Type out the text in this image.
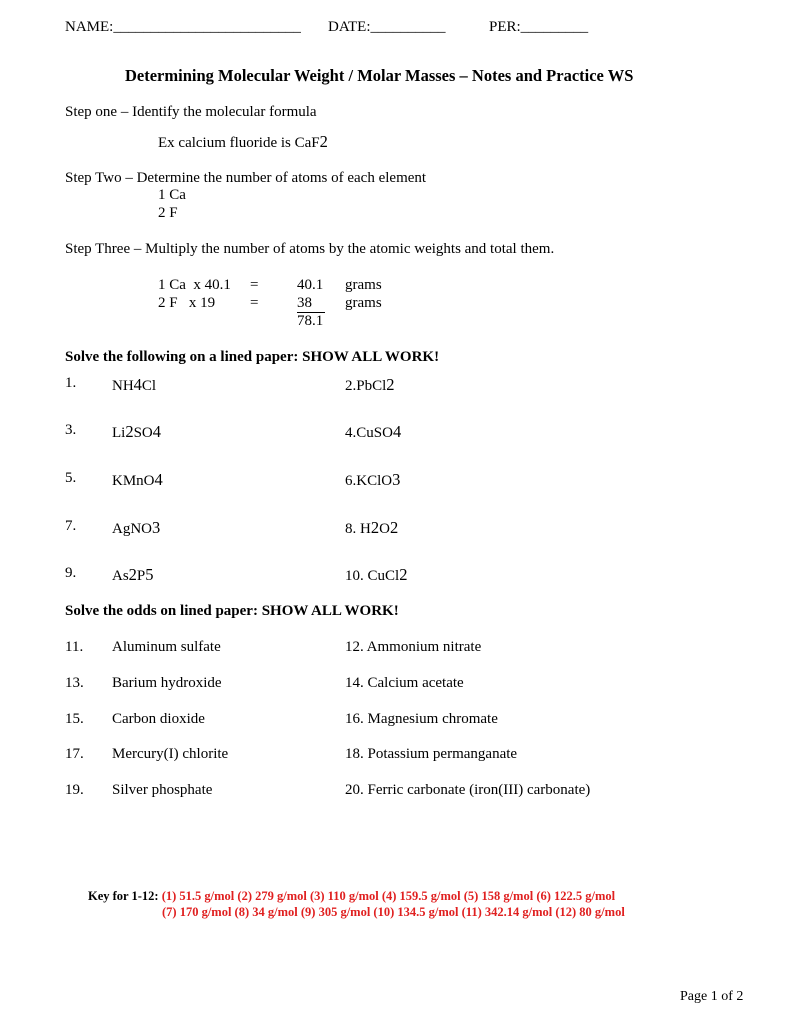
NAME:_________________________ DATE:__________	PER:_________
Determining Molecular Weight / Molar Masses – Notes and Practice WS
Step one – Identify the molecular formula
Ex calcium fluoride is CaF2
Step Two – Determine the number of atoms of each element
1 Ca
2 F
Step Three – Multiply the number of atoms by the atomic weights and total them.
1 Ca  x 40.1 =	40.1 grams
2 F   x 19 =	38	grams
78.1
Solve the following on a lined paper: SHOW ALL WORK!
1. NH4Cl	2.PbCl2
3. Li2SO4	4.CuSO4
5. KMnO4	6.KClO3
7. AgNO3	8. H2O2
9. As2P5	10. CuCl2
Solve the odds on lined paper: SHOW ALL WORK!
11. Aluminum sulfate	12. Ammonium nitrate
13. Barium hydroxide	14. Calcium acetate
15. Carbon dioxide	16. Magnesium chromate
17. Mercury(I) chlorite	18. Potassium permanganate
19. Silver phosphate	20. Ferric carbonate (iron(III) carbonate)
Key for 1-12: (1) 51.5 g/mol (2) 279 g/mol (3) 110 g/mol (4) 159.5 g/mol (5) 158 g/mol (6) 122.5 g/mol
(7) 170 g/mol (8) 34 g/mol (9) 305 g/mol (10) 134.5 g/mol (11) 342.14 g/mol (12) 80 g/mol
Page 1 of 2
